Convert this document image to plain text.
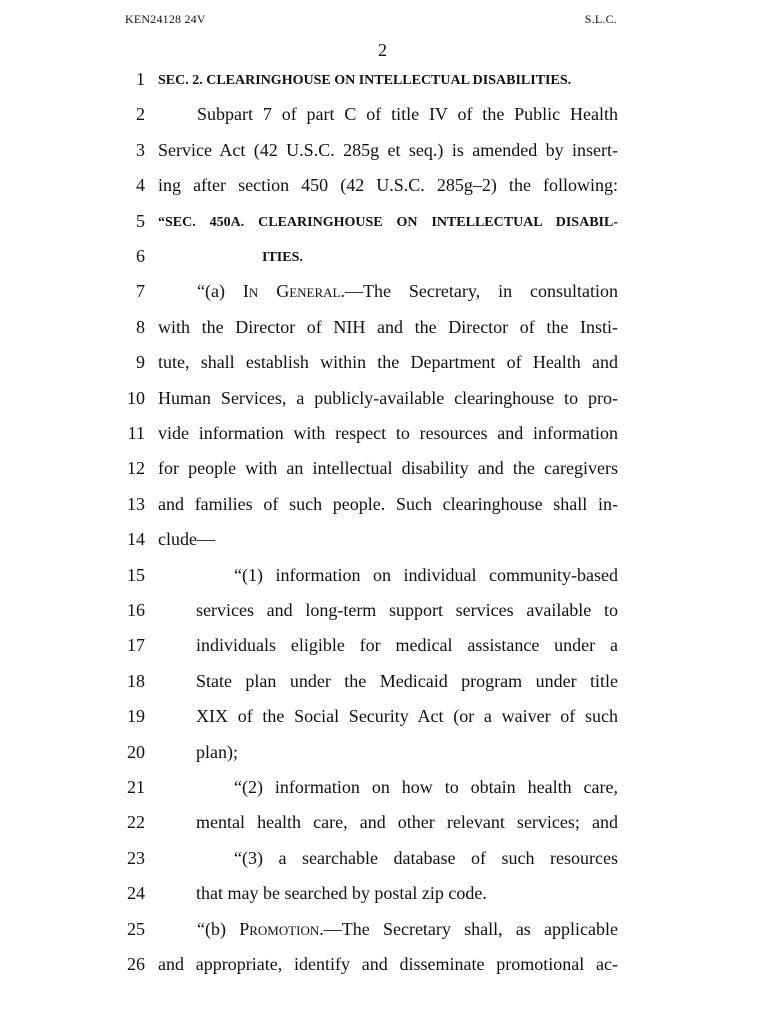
KEN24128 24V	S.L.C.
2
1 SEC. 2. CLEARINGHOUSE ON INTELLECTUAL DISABILITIES.
2	Subpart 7 of part C of title IV of the Public Health
3 Service Act (42 U.S.C. 285g et seq.) is amended by insert-
4 ing after section 450 (42 U.S.C. 285g–2) the following:
5 “SEC. 450A. CLEARINGHOUSE ON INTELLECTUAL DISABIL-
6	ITIES.
7	“(a) In General.—The Secretary, in consultation
8 with the Director of NIH and the Director of the Insti-
9 tute, shall establish within the Department of Health and
10 Human Services, a publicly-available clearinghouse to pro-
11 vide information with respect to resources and information
12 for people with an intellectual disability and the caregivers
13 and families of such people. Such clearinghouse shall in-
14 clude—
15	“(1) information on individual community-based
16	services and long-term support services available to
17	individuals eligible for medical assistance under a
18	State plan under the Medicaid program under title
19	XIX of the Social Security Act (or a waiver of such
20	plan);
21	“(2) information on how to obtain health care,
22	mental health care, and other relevant services; and
23	“(3) a searchable database of such resources
24	that may be searched by postal zip code.
25	“(b) Promotion.—The Secretary shall, as applicable
26 and appropriate, identify and disseminate promotional ac-
